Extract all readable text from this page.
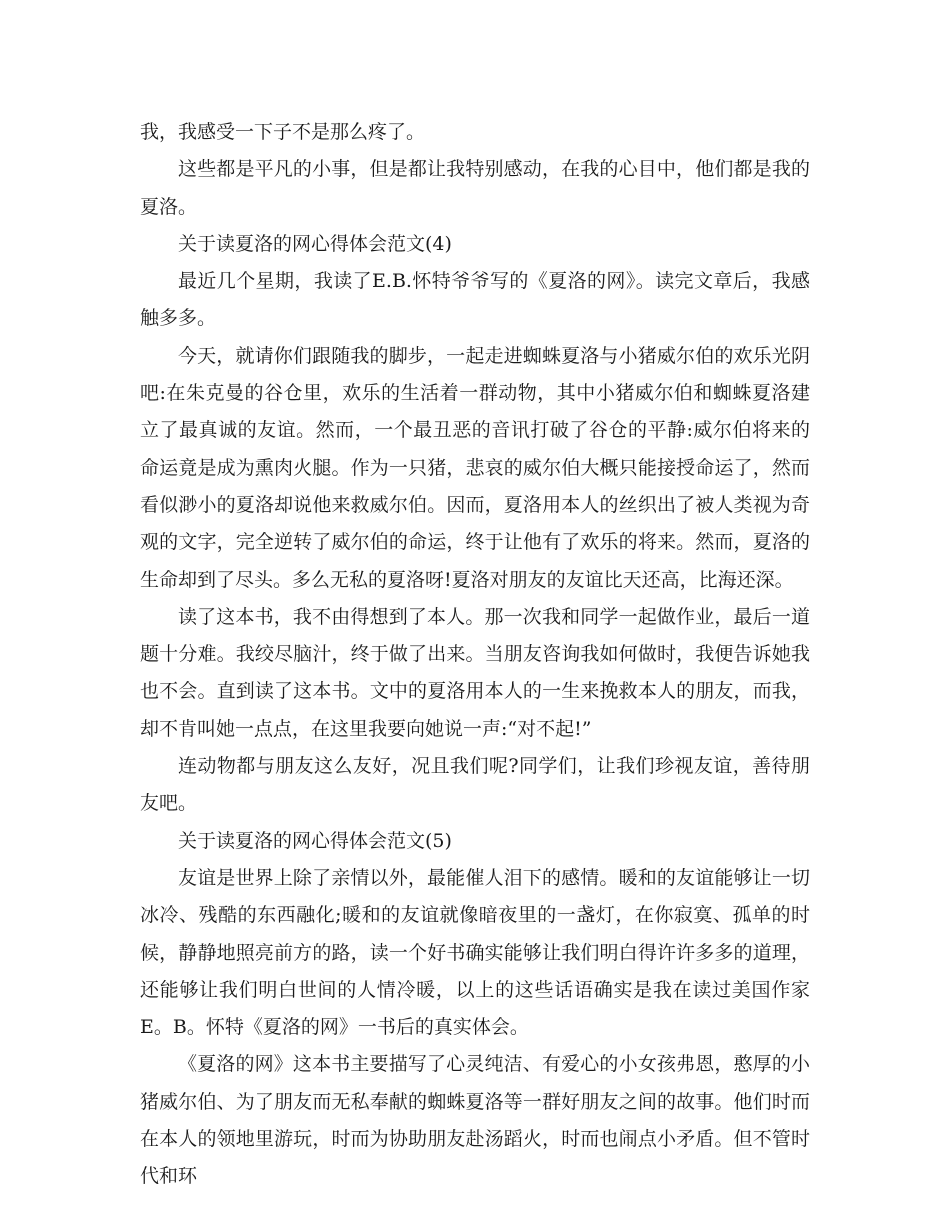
我，我感受一下子不是那么疼了。

这些都是平凡的小事，但是都让我特别感动，在我的心目中，他们都是我的夏洛。

关于读夏洛的网心得体会范文(4)

最近几个星期，我读了E.B.怀特爷爷写的《夏洛的网》。读完文章后，我感触多多。

今天，就请你们跟随我的脚步，一起走进蜘蛛夏洛与小猪威尔伯的欢乐光阴吧:在朱克曼的谷仓里，欢乐的生活着一群动物，其中小猪威尔伯和蜘蛛夏洛建立了最真诚的友谊。然而，一个最丑恶的音讯打破了谷仓的平静:威尔伯将来的命运竟是成为熏肉火腿。作为一只猪，悲哀的威尔伯大概只能接授命运了，然而看似渺小的夏洛却说他来救威尔伯。因而，夏洛用本人的丝织出了被人类视为奇观的文字，完全逆转了威尔伯的命运，终于让他有了欢乐的将来。然而，夏洛的生命却到了尽头。多么无私的夏洛呀!夏洛对朋友的友谊比天还高，比海还深。

读了这本书，我不由得想到了本人。那一次我和同学一起做作业，最后一道题十分难。我绞尽脑汁，终于做了出来。当朋友咨询我如何做时，我便告诉她我也不会。直到读了这本书。文中的夏洛用本人的一生来挽救本人的朋友，而我，却不肯叫她一点点，在这里我要向她说一声:“对不起!”

连动物都与朋友这么友好，况且我们呢?同学们，让我们珍视友谊，善待朋友吧。

关于读夏洛的网心得体会范文(5)

友谊是世界上除了亲情以外，最能催人泪下的感情。暖和的友谊能够让一切冰冷、残酷的东西融化;暖和的友谊就像暗夜里的一盏灯，在你寂寞、孤单的时候，静静地照亮前方的路，读一个好书确实能够让我们明白得许许多多的道理，还能够让我们明白世间的人情冷暖，以上的这些话语确实是我在读过美国作家E。B。怀特《夏洛的网》一书后的真实体会。

《夏洛的网》这本书主要描写了心灵纯洁、有爱心的小女孩弗恩，憨厚的小猪威尔伯、为了朋友而无私奉献的蜘蛛夏洛等一群好朋友之间的故事。他们时而在本人的领地里游玩，时而为协助朋友赴汤蹈火，时而也闹点小矛盾。但不管时代和环
